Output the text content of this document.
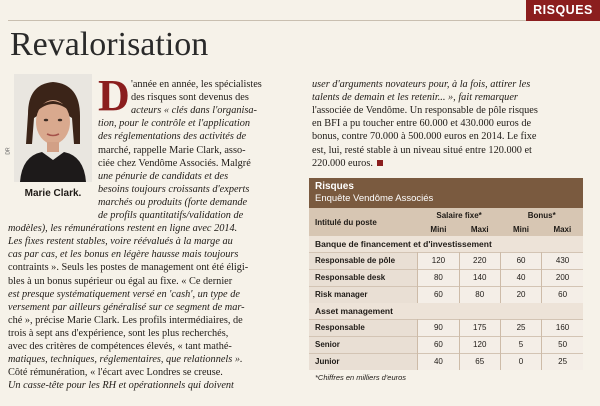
RISQUES
Revalorisation
DR
Marie Clark.
D 'année en année, les spécialistes
des risques sont devenus des
acteurs « clés dans l'organisa-
tion, pour le contrôle et l'application
des réglementations des activités de
marché, rappelle Marie Clark, asso-
ciée chez Vendôme Associés. Malgré
une pénurie de candidats et des
besoins toujours croissants d'experts
marchés ou produits (forte demande
de profils quantitatifs/validation de
modèles), les rémunérations restent en ligne avec 2014.
Les fixes restent stables, voire réévalués à la marge au
cas par cas, et les bonus en légère hausse mais toujours
contraints ». Seuls les postes de management ont été éligi-
bles à un bonus supérieur ou égal au fixe. « Ce dernier
est presque systématiquement versé en 'cash', un type de
versement par ailleurs généralisé sur ce segment de mar-
ché », précise Marie Clark. Les profils intermédiaires, de
trois à sept ans d'expérience, sont les plus recherchés,
avec des critères de compétences élevés, « tant mathé-
matiques, techniques, réglementaires, que relationnels ».
Côté rémunération, « l'écart avec Londres se creuse.
Un casse-tête pour les RH et opérationnels qui doivent
user d'arguments novateurs pour, à la fois, attirer les
talents de demain et les retenir... », fait remarquer
l'associée de Vendôme. Un responsable de pôle risques
en BFI a pu toucher entre 60.000 et 430.000 euros de
bonus, contre 70.000 à 500.000 euros en 2014. Le fixe
est, lui, resté stable à un niveau situé entre 120.000 et
220.000 euros.
Risques
Enquête Vendôme Associés
Intitulé du poste	Salaire fixe*		Bonus*	
	Mini	Maxi	Mini	Maxi
Banque de financement et d'investissement				
Responsable de pôle	120	220	60	430
Responsable desk	80	140	40	200
Risk manager	60	80	20	60
Asset management				
Responsable	90	175	25	160
Senior	60	120	5	50
Junior	40	65	0	25
*Chiffres en milliers d'euros
